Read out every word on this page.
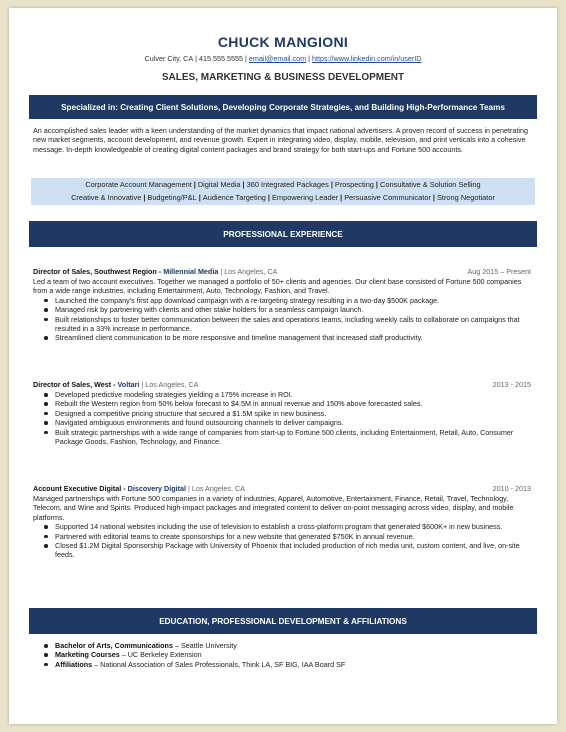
CHUCK MANGIONI
Culver City, CA | 415.555.5555 | email@email.com | https://www.linkedin.com/in/userID
SALES, MARKETING & BUSINESS DEVELOPMENT
Specialized in: Creating Client Solutions, Developing Corporate Strategies, and Building High-Performance Teams
An accomplished sales leader with a keen understanding of the market dynamics that impact national advertisers. A proven record of success in penetrating new market segments, account development, and revenue growth. Expert in integrating video, display, mobile, television, and print verticals into a cohesive message. In-depth knowledgeable of creating digital content packages and brand strategy for both start-ups and Fortune 500 accounts.
Corporate Account Management | Digital Media | 360 Integrated Packages | Prospecting | Consultative & Solution Selling
Creative & Innovative | Budgeting/P&L | Audience Targeting | Empowering Leader | Persuasive Communicator | Strong Negotiator
PROFESSIONAL EXPERIENCE
Director of Sales, Southwest Region - Millennial Media | Los Angeles, CA	Aug 2015 – Present
Led a team of two account executives. Together we managed a portfolio of 50+ clients and agencies. Our client base consisted of Fortune 500 companies from a wide range industries, including Entertainment, Auto, Technology, Fashion, and Travel.
Launched the company's first app download campaign with a re-targeting strategy resulting in a two-day $500K package.
Managed risk by partnering with clients and other stake holders for a seamless campaign launch.
Built relationships to foster better communication between the sales and operations teams, including weekly calls to collaborate on campaigns that resulted in a 33% increase in performance.
Streamlined client communication to be more responsive and timeline management that increased staff productivity.
Director of Sales, West - Voltari | Los Angeles, CA	2013 - 2015
Developed predictive modeling strategies yielding a 175% increase in ROI.
Rebuilt the Western region from 50% below forecast to $4.5M in annual revenue and 150% above forecasted sales.
Designed a competitive pricing structure that secured a $1.5M spike in new business.
Navigated ambiguous environments and found outsourcing channels to deliver campaigns.
Built strategic partnerships with a wide range of companies from start-up to Fortune 500 clients, including Entertainment, Retail, Auto, Consumer Package Goods, Fashion, Technology, and Finance.
Account Executive Digital - Discovery Digital | Los Angeles, CA	2010 - 2013
Managed partnerships with Fortune 500 companies in a variety of industries, Apparel, Automotive, Entertainment, Finance, Retail, Travel, Technology, Telecom, and Wine and Spirits. Produced high-impact packages and integrated content to deliver on-point messaging across video, display, and mobile platforms.
Supported 14 national websites including the use of television to establish a cross-platform program that generated $600K+ in new business.
Partnered with editorial teams to create sponsorships for a new website that generated $750K in annual revenue.
Closed $1.2M Digital Sponsorship Package with University of Phoenix that included production of rich media unit, custom content, and live, on-site feeds.
EDUCATION, PROFESSIONAL DEVELOPMENT & AFFILIATIONS
Bachelor of Arts, Communications – Seattle University
Marketing Courses – UC Berkeley Extension
Affiliations – National Association of Sales Professionals, Think LA, SF BIG, IAA Board SF
